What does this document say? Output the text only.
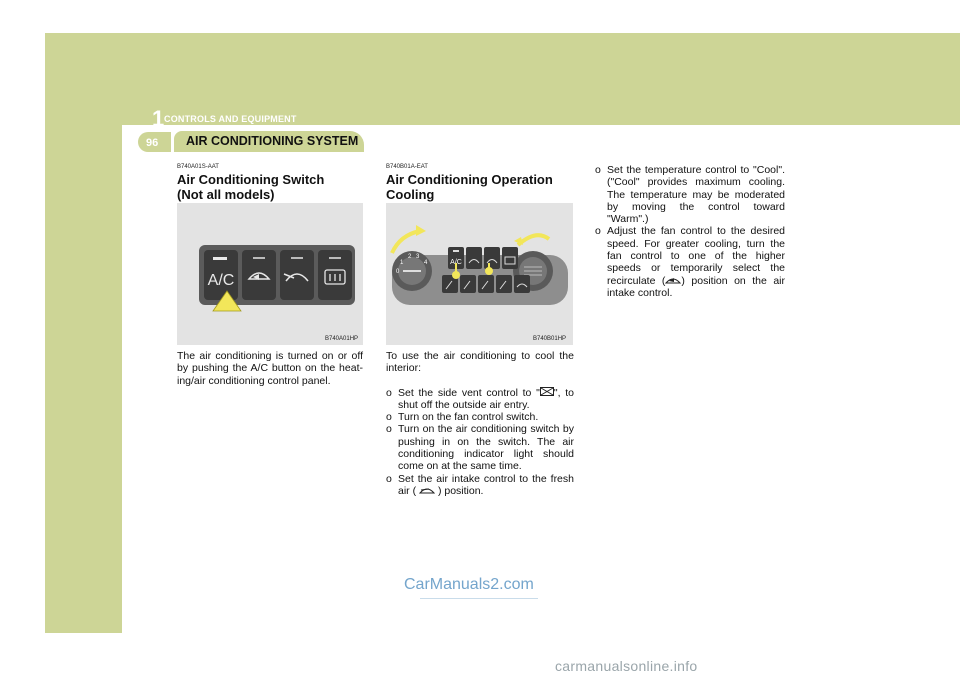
1 CONTROLS AND EQUIPMENT
96 AIR CONDITIONING SYSTEM
B740A01S-AAT
Air Conditioning Switch
(Not all models)
A/C
B740A01HP
The air conditioning is turned on or off by pushing the A/C button on the heat-ing/air conditioning control panel.
B740B01A-EAT
Air Conditioning Operation
Cooling
1
2 3
4
0
A/C
B740B01HP

To use the air conditioning to cool the interior:

o Set the side vent control to " ", to shut off the outside air entry.

o Turn on the fan control switch.

o Turn on the air conditioning switch by pushing in on the switch. The air conditioning indicator light should come on at the same time.

o Set the air intake control to the fresh air ( ) position.

o Set the temperature control to "Cool". ("Cool" provides maximum cooling. The temperature may be moderated by moving the control toward "Warm".)

o Adjust the fan control to the desired speed. For greater cooling, turn the fan control to one of the higher speeds or temporarily select the recirculate ( ) position on the air intake control.

CarManuals2.com
carmanualsonline.info
